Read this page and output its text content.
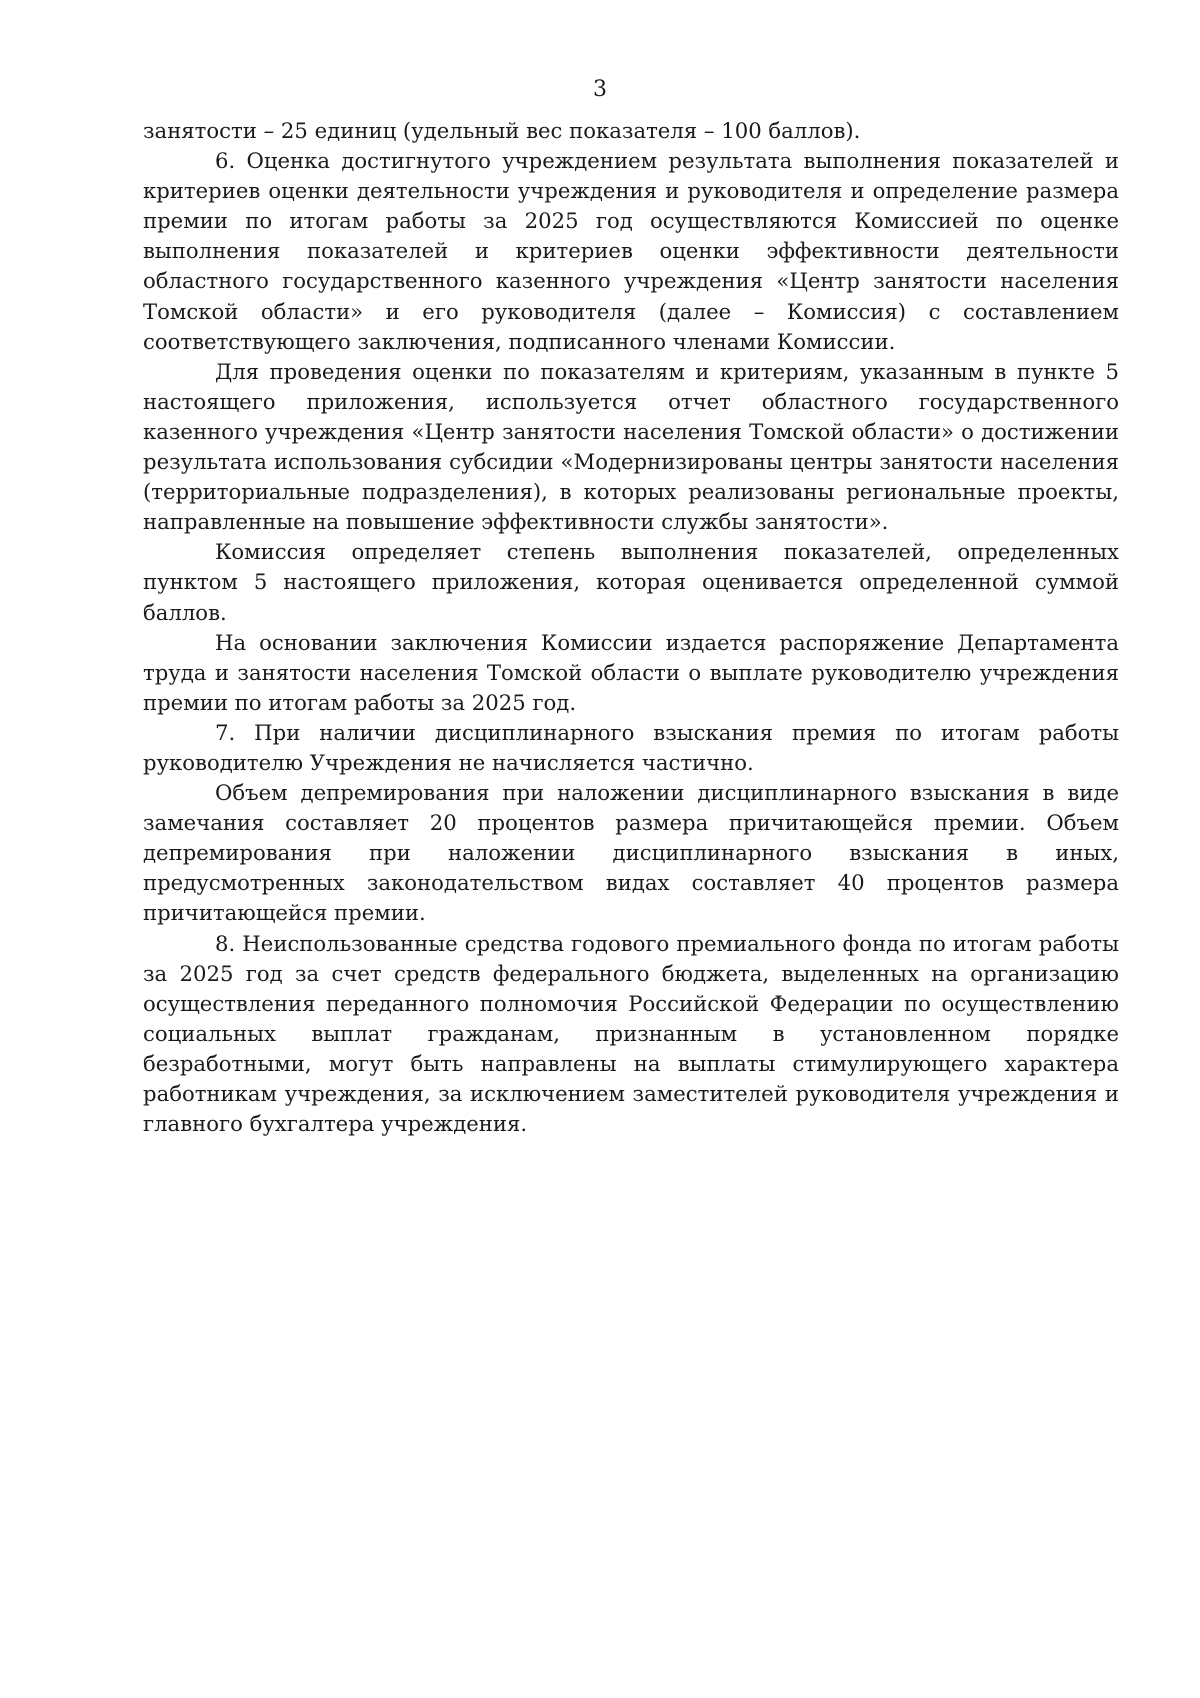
3

занятости – 25 единиц (удельный вес показателя – 100 баллов).

6. Оценка достигнутого учреждением результата выполнения показателей и критериев оценки деятельности учреждения и руководителя и определение размера премии по итогам работы за 2025 год осуществляются Комиссией по оценке выполнения показателей и критериев оценки эффективности деятельности областного государственного казенного учреждения «Центр занятости населения Томской области» и его руководителя (далее – Комиссия) с составлением соответствующего заключения, подписанного членами Комиссии.

Для проведения оценки по показателям и критериям, указанным в пункте 5 настоящего приложения, используется отчет областного государственного казенного учреждения «Центр занятости населения Томской области» о достижении результата использования субсидии «Модернизированы центры занятости населения (территориальные подразделения), в которых реализованы региональные проекты, направленные на повышение эффективности службы занятости».

Комиссия определяет степень выполнения показателей, определенных пунктом 5 настоящего приложения, которая оценивается определенной суммой баллов.

На основании заключения Комиссии издается распоряжение Департамента труда и занятости населения Томской области о выплате руководителю учреждения премии по итогам работы за 2025 год.

7. При наличии дисциплинарного взыскания премия по итогам работы руководителю Учреждения не начисляется частично.

Объем депремирования при наложении дисциплинарного взыскания в виде замечания составляет 20 процентов размера причитающейся премии. Объем депремирования при наложении дисциплинарного взыскания в иных, предусмотренных законодательством видах составляет 40 процентов размера причитающейся премии.

8. Неиспользованные средства годового премиального фонда по итогам работы за 2025 год за счет средств федерального бюджета, выделенных на организацию осуществления переданного полномочия Российской Федерации по осуществлению социальных выплат гражданам, признанным в установленном порядке безработными, могут быть направлены на выплаты стимулирующего характера работникам учреждения, за исключением заместителей руководителя учреждения и главного бухгалтера учреждения.
